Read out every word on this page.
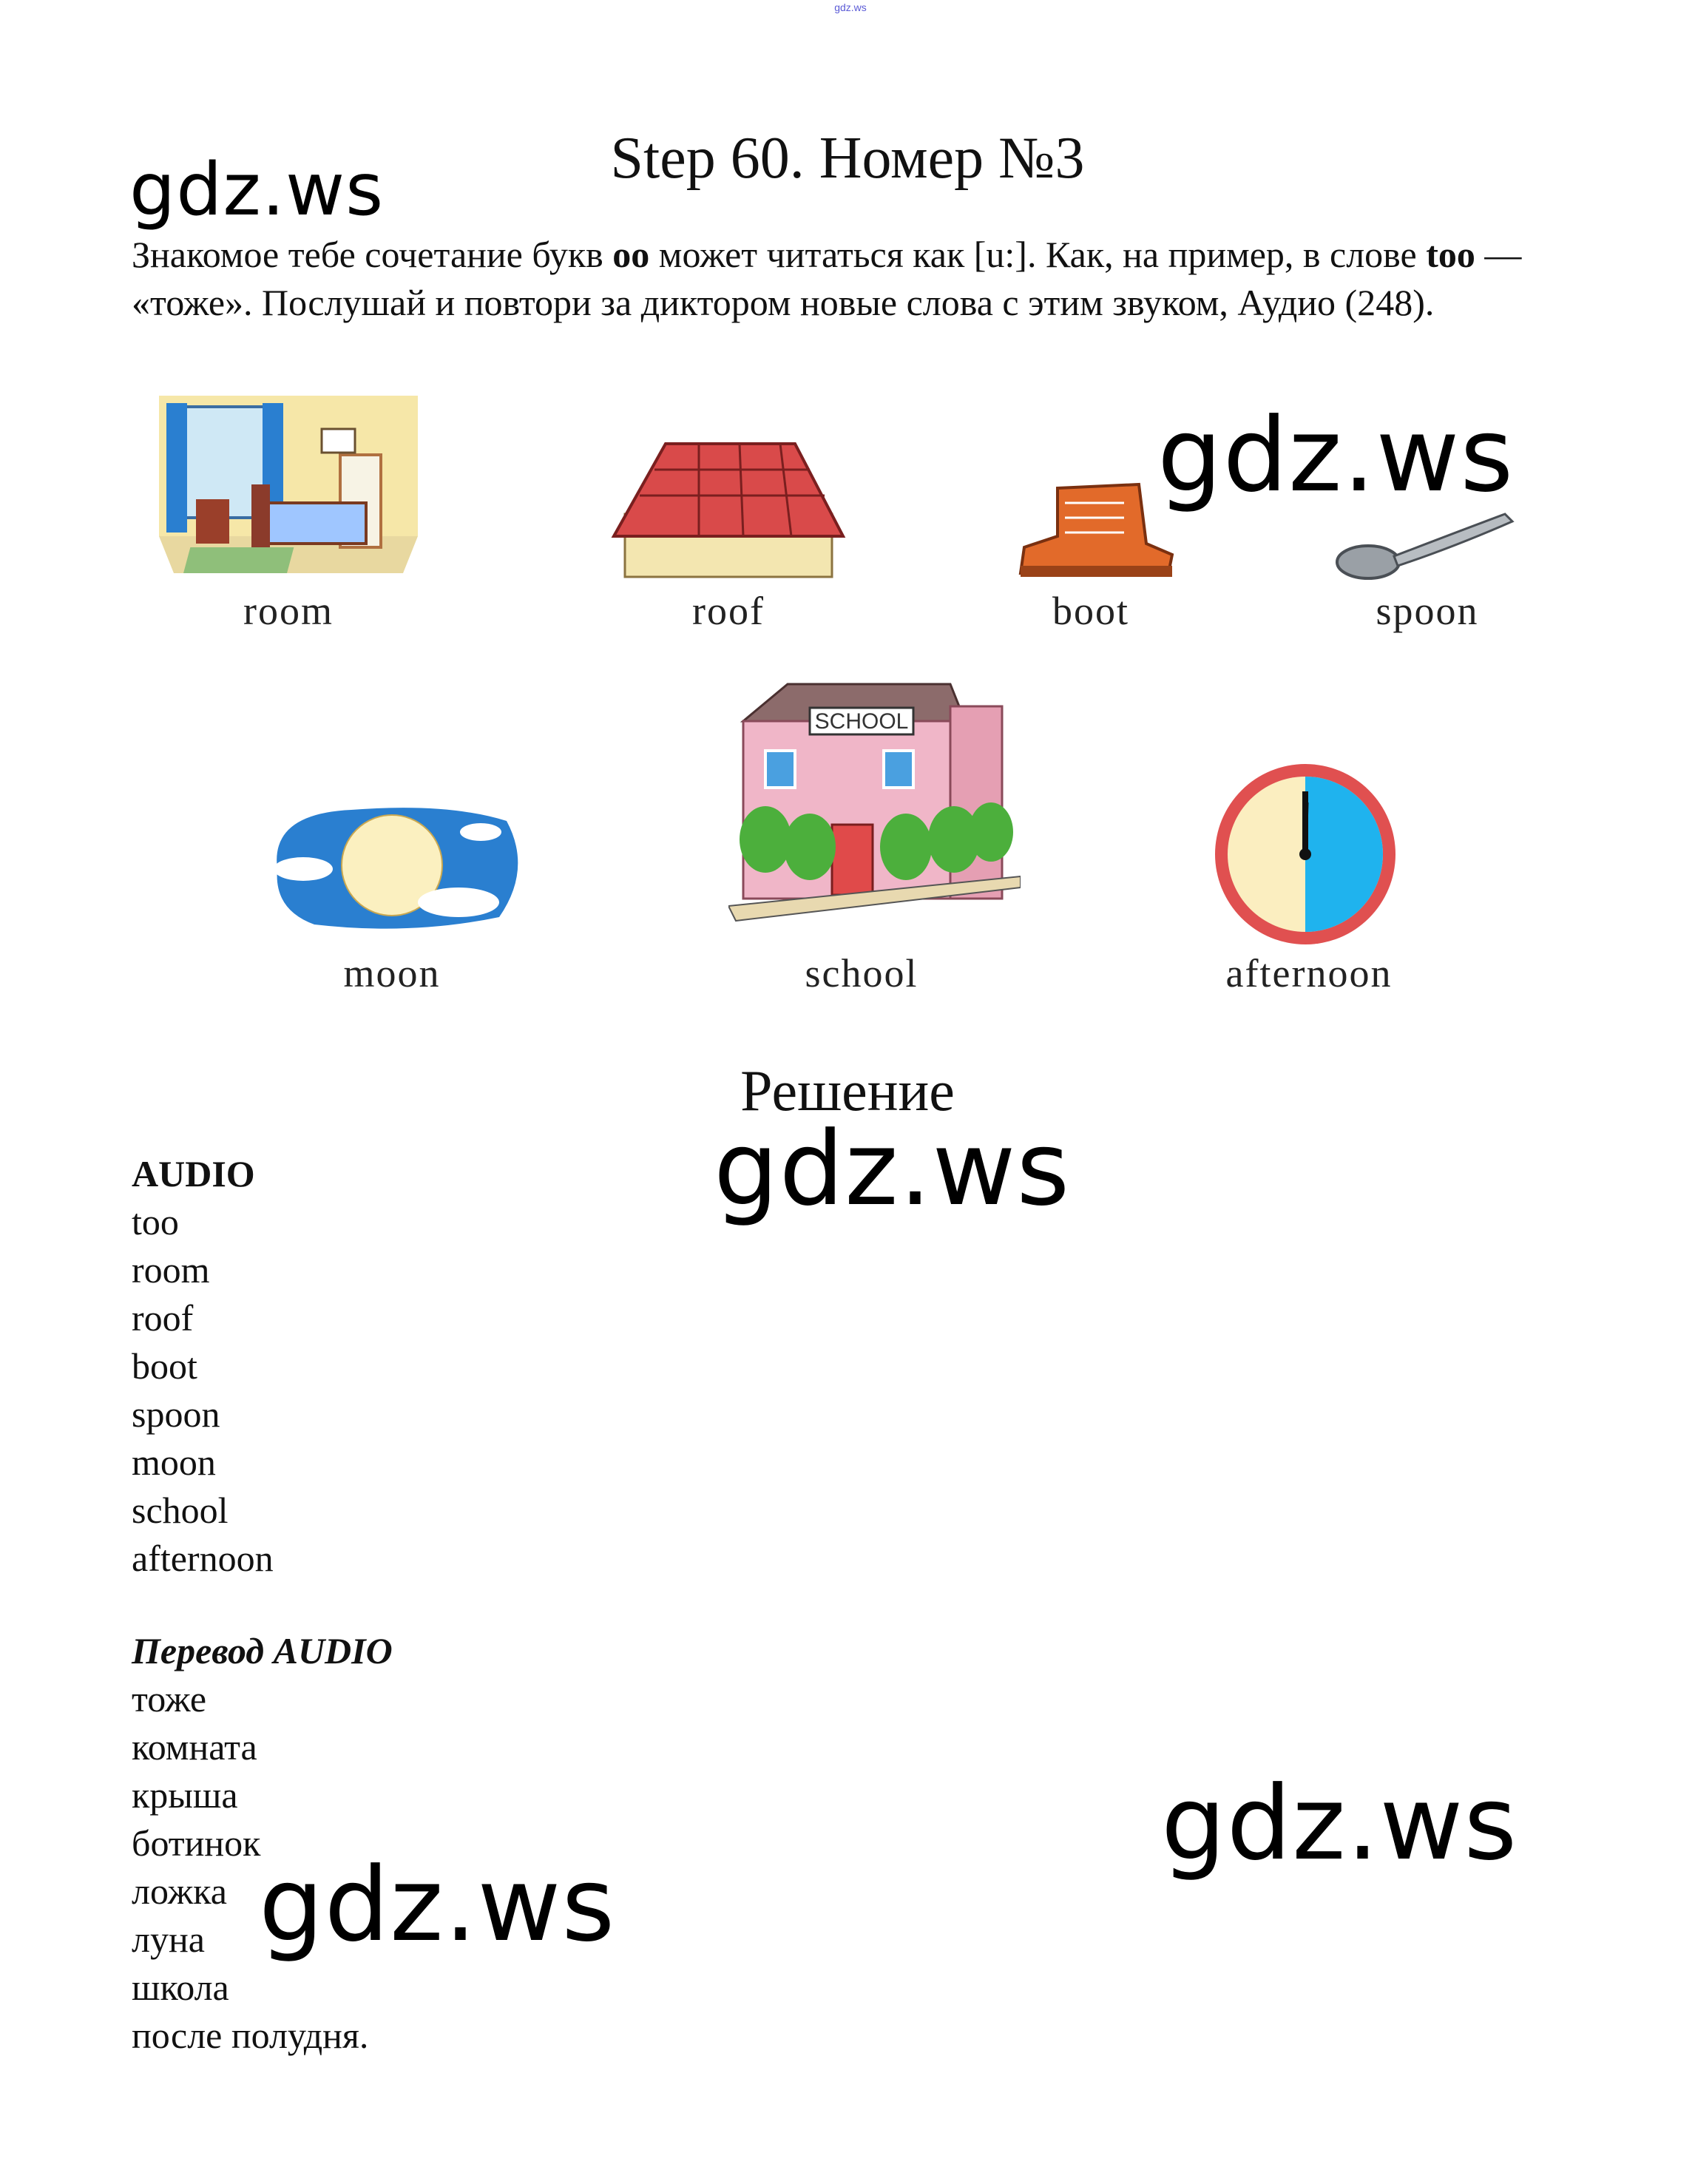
gdz.ws
Step 60. Номер №3
gdz.ws
Знакомое тебе сочетание букв oo может читаться как [u:]. Как, на пример, в слове too — «тоже». Послушай и повтори за диктором новые слова с этим звуком, Аудио (248).
room	roof	boot	spoon
gdz.ws
SCHOOL
moon	school	afternoon
Решение
gdz.ws
AUDIO
too
room
roof
boot
spoon
moon
school
afternoon
Перевод AUDIO
тоже
комната
крыша
ботинок
ложка
луна
школа
после полудня.
gdz.ws
gdz.ws
